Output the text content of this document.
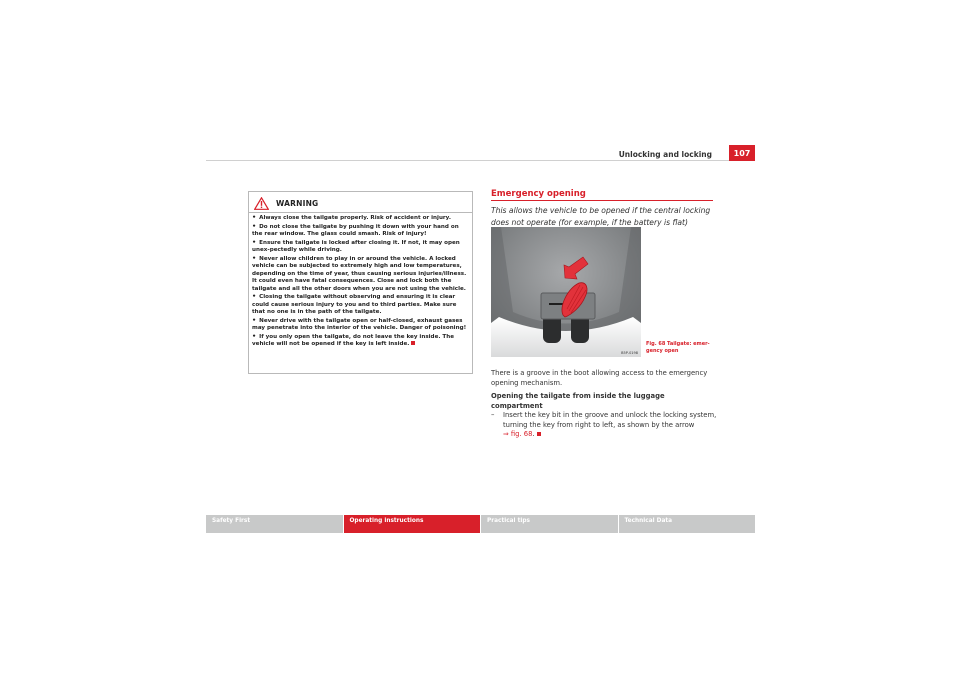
Unlocking and locking	107
WARNING

• Always close the tailgate properly. Risk of accident or injury.

• Do not close the tailgate by pushing it down with your hand on the rear window. The glass could smash. Risk of injury!

• Ensure the tailgate is locked after closing it. If not, it may open unex-pectedly while driving.

• Never allow children to play in or around the vehicle. A locked vehicle can be subjected to extremely high and low temperatures, depending on the time of year, thus causing serious injuries/illness. It could even have fatal consequences. Close and lock both the tailgate and all the other doors when you are not using the vehicle.

• Closing the tailgate without observing and ensuring it is clear could cause serious injury to you and to third parties. Make sure that no one is in the path of the tailgate.

• Never drive with the tailgate open or half-closed, exhaust gases may penetrate into the interior of the vehicle. Danger of poisoning!

• If you only open the tailgate, do not leave the key inside. The vehicle will not be opened if the key is left inside.

Emergency opening
This allows the vehicle to be opened if the central locking does not operate (for example, if the battery is flat)
B5P-0198
Fig. 68 Tailgate: emer-gency open

There is a groove in the boot allowing access to the emergency opening mechanism.

Opening the tailgate from inside the luggage compartment

– Insert the key bit in the groove and unlock the locking system, turning the key from right to left, as shown by the arrow
⇒ fig. 68.

Safety First	Operating instructions	Practical tips	Technical Data
